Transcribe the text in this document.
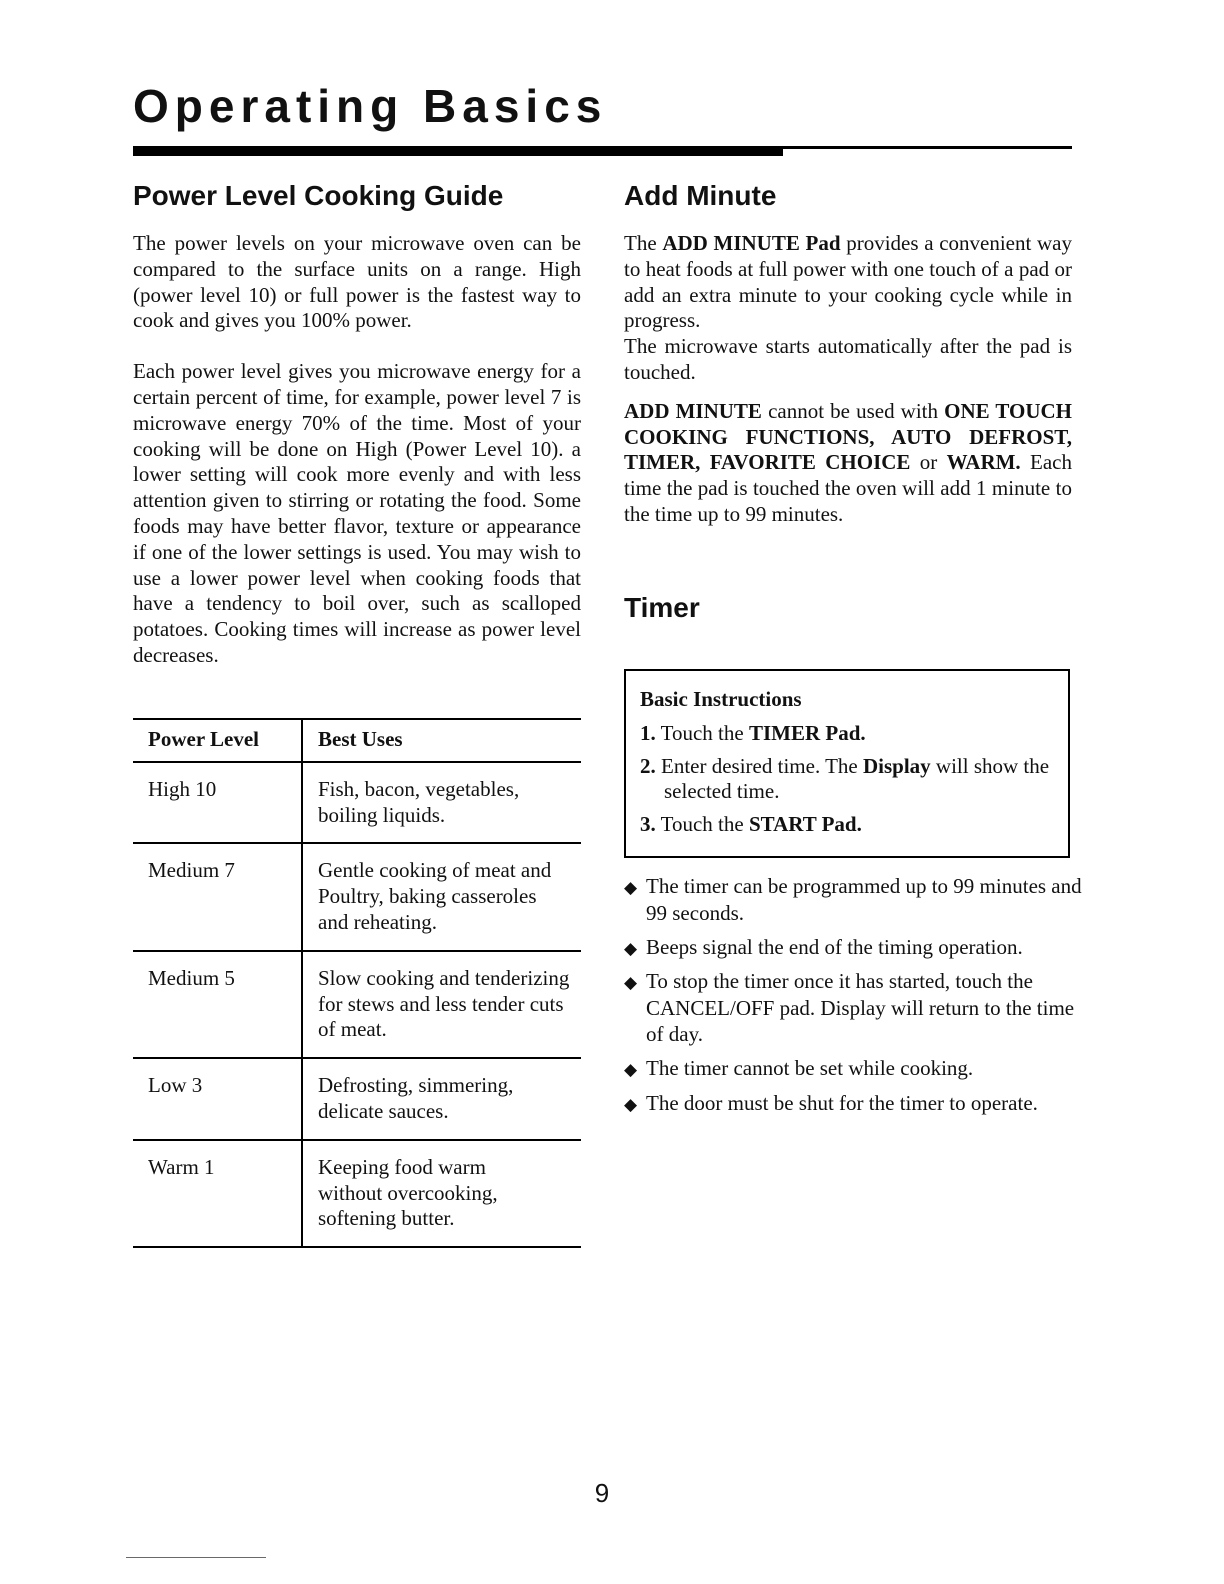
Operating Basics
Power Level Cooking Guide

The power levels on your microwave oven can be compared to the surface units on a range. High (power level 10) or full power is the fastest way to cook and gives you 100% power.

Each power level gives you microwave energy for a certain percent of time, for example, power level 7 is microwave energy 70% of the time. Most of your cooking will be done on High (Power Level 10). a lower setting will cook more evenly and with less attention given to stirring or rotating the food. Some foods may have better flavor, texture or appearance if one of the lower settings is used. You may wish to use a lower power level when cooking foods that have a tendency to boil over, such as scalloped potatoes. Cooking times will increase as power level decreases.

Power Level	Best Uses
High 10	Fish, bacon, vegetables, boiling liquids.
Medium 7	Gentle cooking of meat and Poultry, baking casseroles and reheating.
Medium 5	Slow cooking and tenderizing for stews and less tender cuts of meat.
Low 3	Defrosting, simmering, delicate sauces.
Warm 1	Keeping food warm without overcooking, softening butter.
Add Minute

The ADD MINUTE Pad provides a convenient way to heat foods at full power with one touch of a pad or add an extra minute to your cooking cycle while in progress.

The microwave starts automatically after the pad is touched.

ADD MINUTE cannot be used with ONE TOUCH COOKING FUNCTIONS, AUTO DEFROST, TIMER, FAVORITE CHOICE or WARM. Each time the pad is touched the oven will add 1 minute to the time up to 99 minutes.

Timer
Basic Instructions
1. Touch the TIMER Pad.
2. Enter desired time. The Display will show the selected time.
3. Touch the START Pad.
◆ The timer can be programmed up to 99 minutes and 99 seconds.
◆ Beeps signal the end of the timing operation.
◆ To stop the timer once it has started, touch the CANCEL/OFF pad. Display will return to the time of day.
◆ The timer cannot be set while cooking.
◆ The door must be shut for the timer to operate.
9
